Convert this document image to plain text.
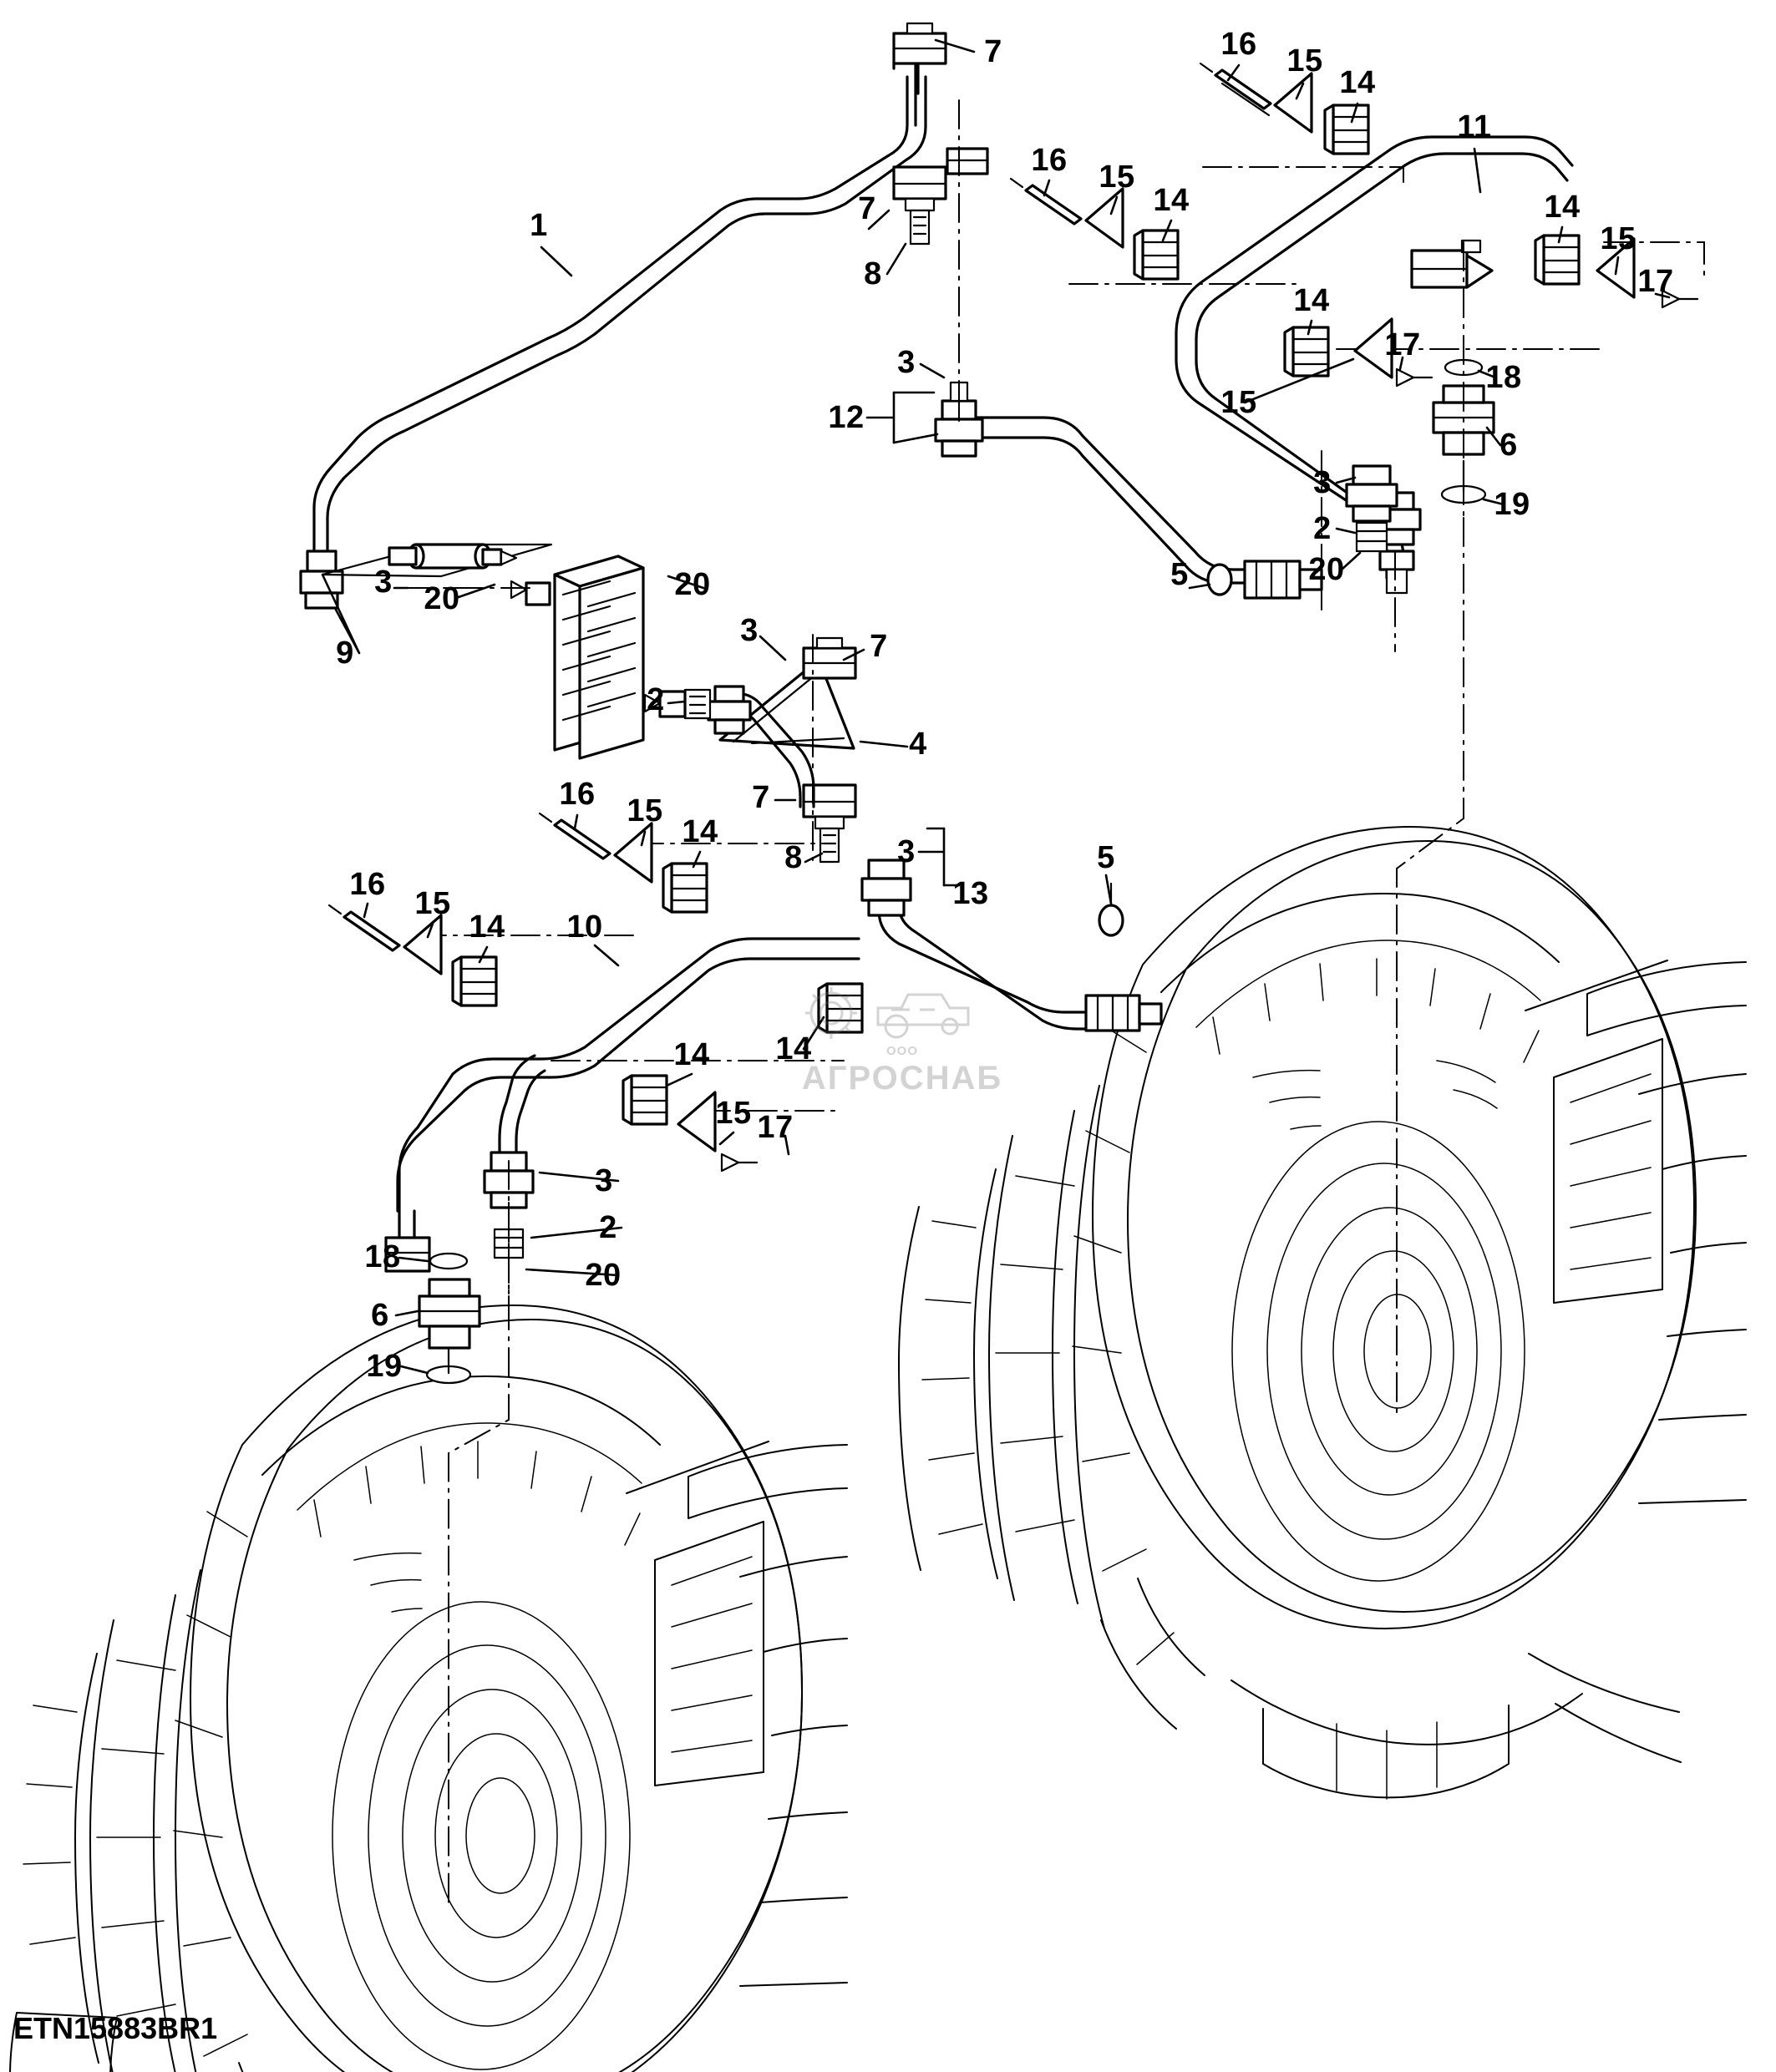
7	16 15
14
11
1
16 15
14	14
15
17
7
8
14
17
18
15
6
3
12
3
19
2
20
5
20
3 20
9
3	7
2
4
7
16 15
14
8	3
13
5
16
15
14 10
14 14
15 17
3
18
2
20
6
19
OOO
АГРОСНАБ
ETN15883BR1
